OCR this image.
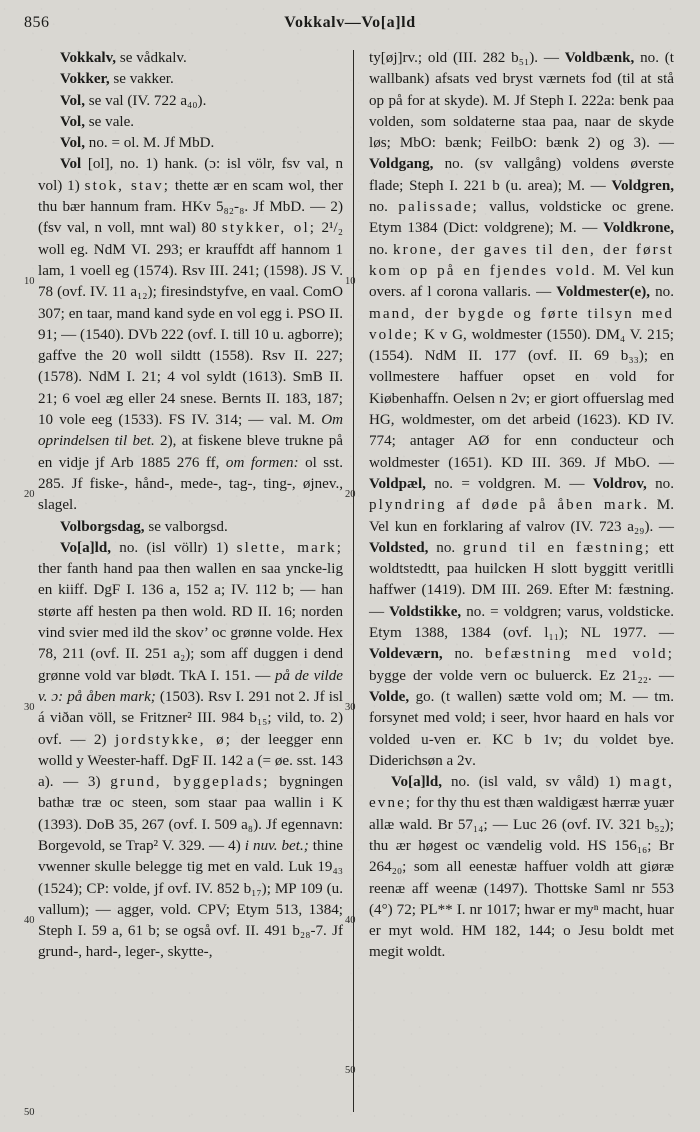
856	Vokkalv—Vo[a]ld

Vokkalv, se vådkalv.

Vokker, se vakker.

Vol, se val (IV. 722 a₄₀).

Vol, se vale.

Vol, no. = ol. M. Jf MbD.

Vol [ol], no. 1) hank. (ɔ: isl völr, fsv val, n vol) 1) stok, stav; thette ær en scam wol, ther thu bær hannum fram. HKv 5₈₂-₈. Jf MbD. — 2) (fsv val, n voll, mnt wal) 80 stykker, ol; 2¹/₂ woll eg. NdM VI. 293; er krauffdt aff hannom 1 lam, 1 voell eg (1574). Rsv III. 241; (1598). JS V. 78 (ovf. IV. 11 a₁₂); firesindstyfve, en vaal. ComO 307; en taar, mand kand syde en vol egg i. PSO II. 91; — (1540). DVb 222 (ovf. I. till 10 u. agborre); gaffve the 20 woll sildtt (1558). Rsv II. 227; (1578). NdM I. 21; 4 vol syldt (1613). SmB II. 21; 6 voel æg eller 24 snese. Bernts II. 183, 187; 10 vole eeg (1533). FS IV. 314; — val. M. Om oprindelsen til bet. 2), at fiskene bleve trukne på en vidje jf Arb 1885 276 ff, om formen: ol sst. 285. Jf fiske-, hånd-, mede-, tag-, ting-, øjnev., slagel.

Volborgsdag, se valborgsd.

Vo[a]ld, no. (isl völlr) 1) slette, mark; ther fanth hand paa then wallen en saa yncke-lig en kiiff. DgF I. 136 a, 152 a; IV. 112 b; — han størte aff hesten pa then wold. RD II. 16; norden vind svier med ild the skov’ oc grønne volde. Hex 78, 211 (ovf. II. 251 a₂); som aff duggen i dend grønne vold var blødt. TkA I. 151. — på de vilde v. ɔ: på åben mark; (1503). Rsv I. 291 not 2. Jf isl á viðan völl, se Fritzner² III. 984 b₁₅; vild, to. 2) ovf. — 2) jordstykke, ø; der leegger enn wolld y Weester-haff. DgF II. 142 a (= øe. sst. 143 a). — 3) grund, byggeplads; bygningen bathæ træ oc steen, som staar paa wallin i K (1393). DoB 35, 267 (ovf. I. 509 a₈). Jf egennavn: Borgevold, se Trap² V. 329. — 4) i nuv. bet.; thine vwenner skulle belegge tig met en vald. Luk 19₄₃ (1524); CP: volde, jf ovf. IV. 852 b₁₇); MP 109 (u. vallum); — agger, vold. CPV; Etym 513, 1384; Steph I. 59 a, 61 b; se også ovf. II. 491 b₂₈-7. Jf grund-, hard-, leger-, skytte-,

ty[øj]rv.; old (III. 282 b₅₁). — Voldbænk, no. (t wallbank) afsats ved bryst værnets fod (til at stå op på for at skyde). M. Jf Steph I. 222a: benk paa volden, som soldaterne staa paa, naar de skyde løs; MbO: bænk; FeilbO: bænk 2) og 3). — Voldgang, no. (sv vallgång) voldens øverste flade; Steph I. 221 b (u. area); M. — Voldgren, no. palissade; vallus, voldsticke oc grene. Etym 1384 (Dict: voldgrene); M. — Voldkrone, no. krone, der gaves til den, der først kom op på en fjendes vold. M. Vel kun overs. af l corona vallaris. — Voldmester(e), no. mand, der bygde og førte tilsyn med volde; K v G, woldmester (1550). DM₄ V. 215; (1554). NdM II. 177 (ovf. II. 69 b₃₃); en vollmestere haffuer opset en vold for Kiøbenhaffn. Oelsen n 2ᴠ; er giort offuerslag med HG, woldmester, om det arbeid (1623). KD IV. 774; antager AØ for enn conducteur och woldmester (1651). KD III. 369. Jf MbO. — Voldpæl, no. = voldgren. M. — Voldrov, no. plyndring af døde på åben mark. M. Vel kun en forklaring af valrov (IV. 723 a₂₉). — Voldsted, no. grund til en fæstning; ett woldtstedtt, paa huilcken H slott byggitt veritlli haffwer (1419). DM III. 269. Efter M: fæstning. — Voldstikke, no. = voldgren; varus, voldsticke. Etym 1388, 1384 (ovf. l₁₁); NL 1977. — Voldeværn, no. befæstning med vold; bygge der volde vern oc buluerck. Ez 21₂₂. — Volde, go. (t wallen) sætte vold om; M. — tm. forsynet med vold; i seer, hvor haard en hals vor volded u-ven er. KC b 1ᴠ; du voldet bye. Diderichsøn a 2ᴠ.

Vo[a]ld, no. (isl vald, sv våld) 1) magt, evne; for thy thu est thæn waldigæst hærræ yuær allæ wald. Br 57₁₄; — Luc 26 (ovf. IV. 321 b₅₂); thu ær høgest oc vændelig vold. HS 156₁₆; Br 264₂₀; som all eenestæ haffuer voldh att giøræ reenæ aff weenæ (1497). Thottske Saml nr 553 (4°) 72; PL** I. nr 1017; hwar er myⁿ macht, huar er myt wold. HM 182, 144; o Jesu boldt met megit woldt.

10
20
30
40
50
10
20
30
40
50
